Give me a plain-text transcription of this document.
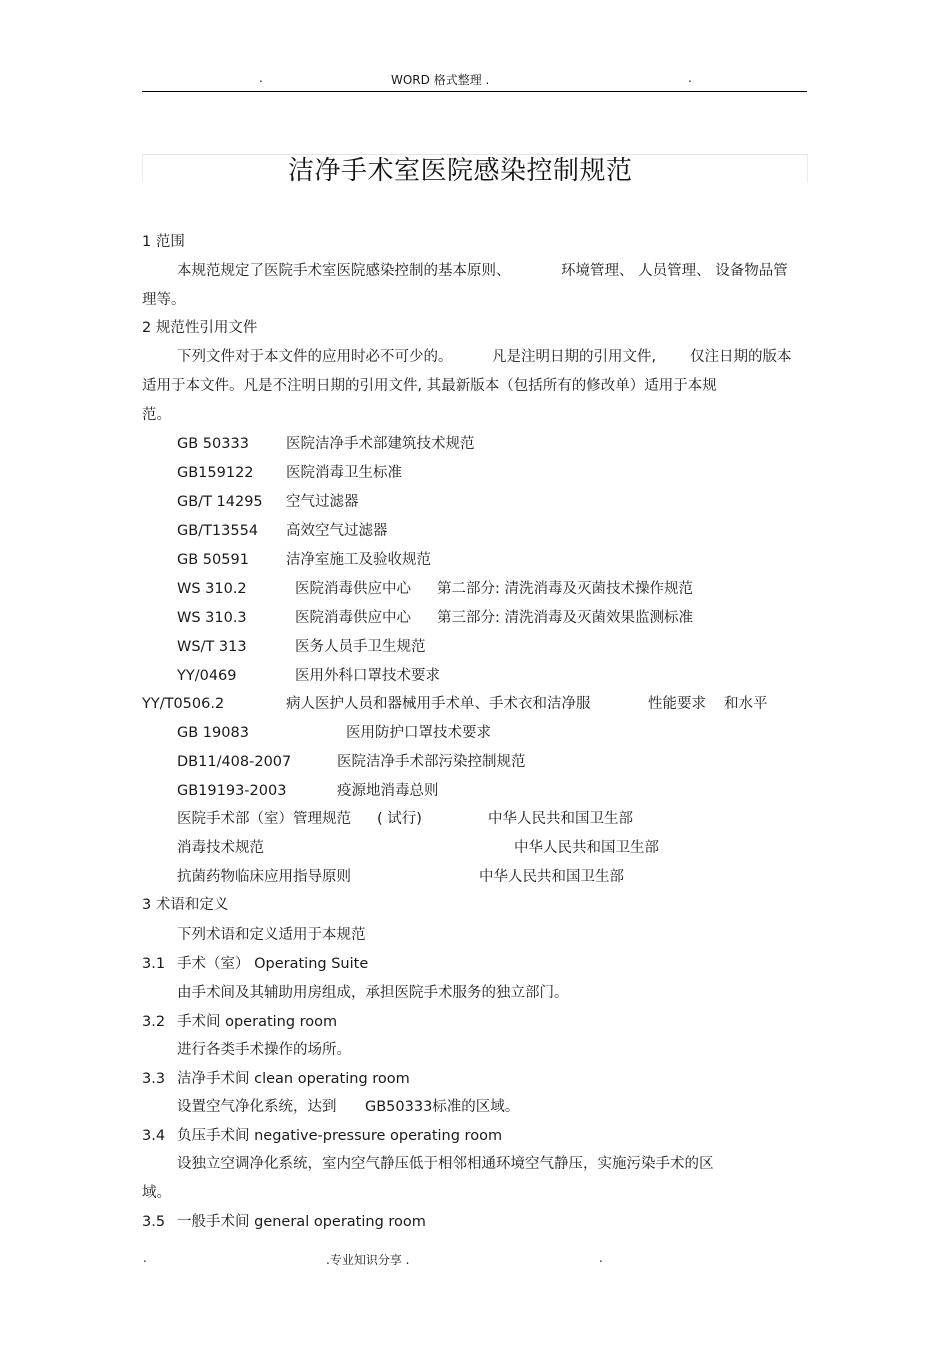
.	WORD 格式整理 .	.
洁净手术室医院感染控制规范
1 范围
本规范规定了医院手术室医院感染控制的基本原则、	环境管理、 人员管理、 设备物品管
理等。
2 规范性引用文件
下列文件对于本文件的应用时必不可少的。	凡是注明日期的引用文件, 仅注日期的版本
适用于本文件。凡是不注明日期的引用文件, 其最新版本（包括所有的修改单）适用于本规
范。
GB 50333	医院洁净手术部建筑技术规范
GB159122 医院消毒卫生标准
GB/T 14295 空气过滤器
GB/T13554 高效空气过滤器
GB 50591	洁净室施工及验收规范
WS 310.2	医院消毒供应中心 第二部分: 清洗消毒及灭菌技术操作规范
WS 310.3	医院消毒供应中心 第三部分: 清洗消毒及灭菌效果监测标准
WS/T 313	医务人员手卫生规范
YY/0469	医用外科口罩技术要求
YY/T0506.2	病人医护人员和器械用手术单、手术衣和洁净服	性能要求 和水平
GB 19083	医用防护口罩技术要求
DB11/408-2007	医院洁净手术部污染控制规范
GB19193-2003	疫源地消毒总则
医院手术部（室）管理规范 ( 试行)	中华人民共和国卫生部
消毒技术规范	中华人民共和国卫生部
抗菌药物临床应用指导原则	中华人民共和国卫生部
3 术语和定义
下列术语和定义适用于本规范
3.1 手术（室） Operating Suite
由手术间及其辅助用房组成，承担医院手术服务的独立部门。
3.2 手术间 operating room
进行各类手术操作的场所。
3.3 洁净手术间 clean operating room
设置空气净化系统，达到 GB50333标准的区域。
3.4 负压手术间 negative-pressure operating room
设独立空调净化系统，室内空气静压低于相邻相通环境空气静压，实施污染手术的区
域。
3.5 一般手术间 general operating room
.	.专业知识分享 .	.
